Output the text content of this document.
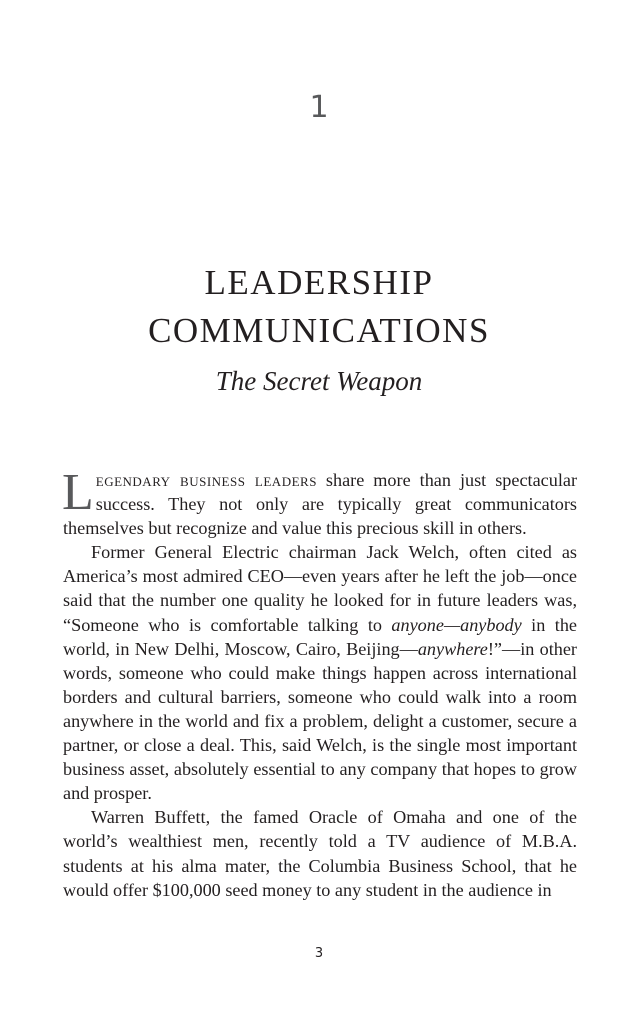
1
LEADERSHIP
COMMUNICATIONS
The Secret Weapon

Legendary business leaders share more than just spectacular success. They not only are typically great communicators themselves but recognize and value this precious skill in others.

Former General Electric chairman Jack Welch, often cited as America’s most admired CEO—even years after he left the job—once said that the number one quality he looked for in future leaders was, “Someone who is comfortable talking to anyone—anybody in the world, in New Delhi, Moscow, Cairo, Beijing—anywhere!”—in other words, someone who could make things happen across international borders and cultural barriers, someone who could walk into a room anywhere in the world and fix a problem, delight a customer, secure a partner, or close a deal. This, said Welch, is the single most important business asset, absolutely essential to any company that hopes to grow and prosper.

Warren Buffett, the famed Oracle of Omaha and one of the world’s wealthiest men, recently told a TV audience of M.B.A. students at his alma mater, the Columbia Business School, that he would offer $100,000 seed money to any student in the audience in

3
